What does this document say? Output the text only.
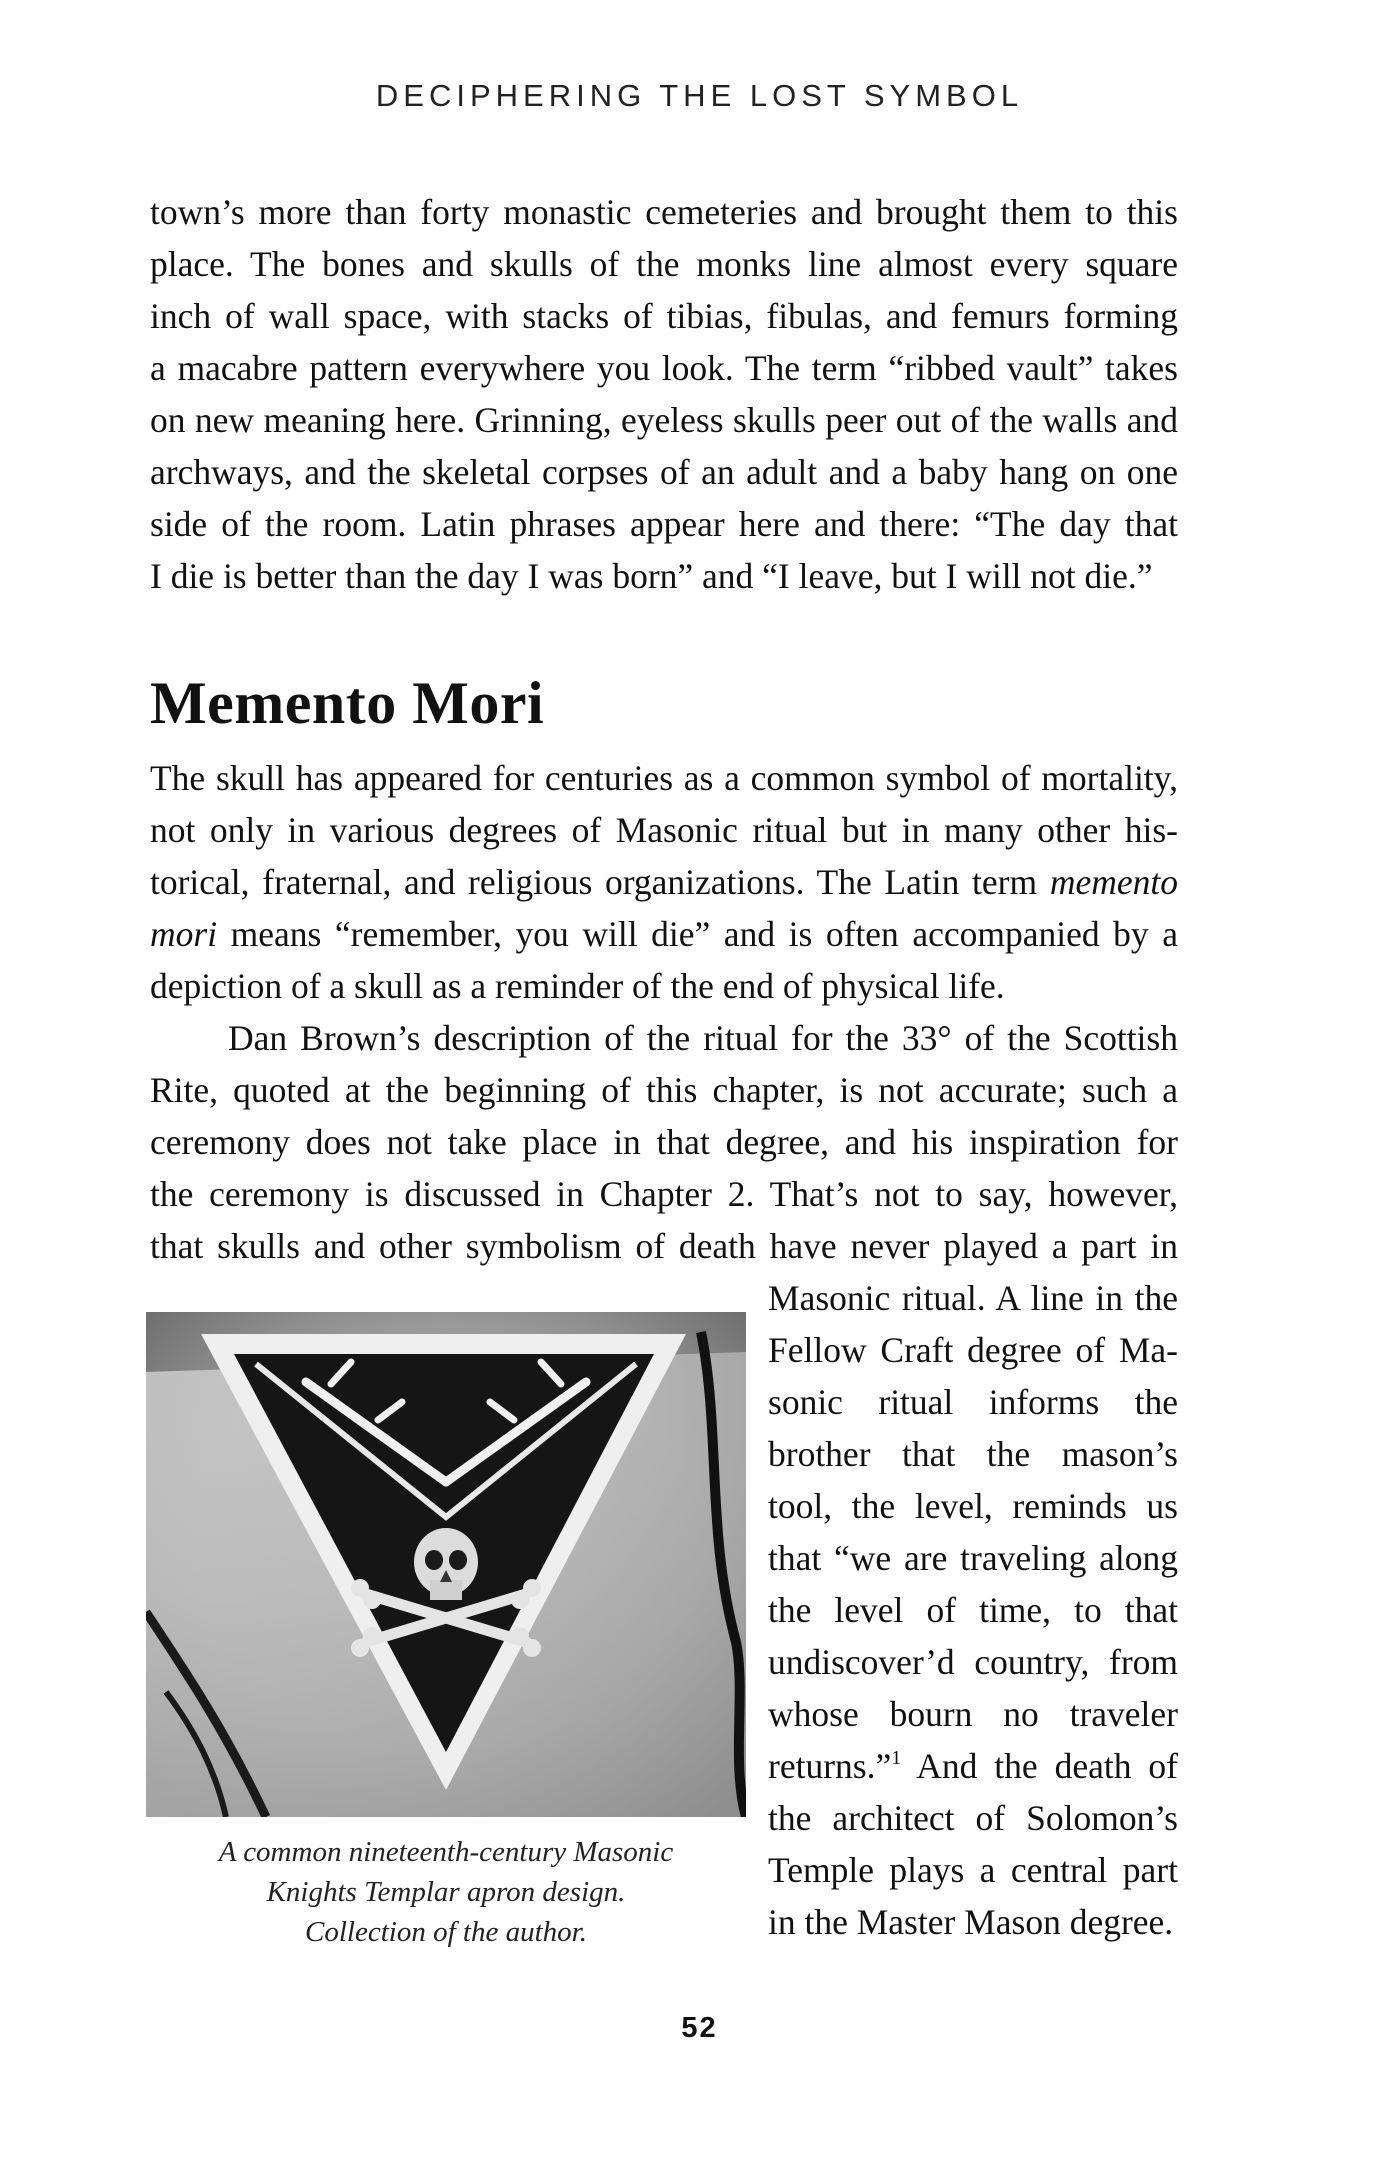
DECIPHERING THE LOST SYMBOL
town’s more than forty monastic cemeteries and brought them to this
place. The bones and skulls of the monks line almost every square
inch of wall space, with stacks of tibias, fibulas, and femurs forming
a macabre pattern everywhere you look. The term “ribbed vault” takes
on new meaning here. Grinning, eyeless skulls peer out of the walls and
archways, and the skeletal corpses of an adult and a baby hang on one
side of the room. Latin phrases appear here and there: “The day that
I die is better than the day I was born” and “I leave, but I will not die.”
Memento Mori
The skull has appeared for centuries as a common symbol of mortality,
not only in various degrees of Masonic ritual but in many other his-
torical, fraternal, and religious organizations. The Latin term memento
mori means “remember, you will die” and is often accompanied by a
depiction of a skull as a reminder of the end of physical life.
Dan Brown’s description of the ritual for the 33° of the Scottish
Rite, quoted at the beginning of this chapter, is not accurate; such a
ceremony does not take place in that degree, and his inspiration for
the ceremony is discussed in Chapter 2. That’s not to say, however,
that skulls and other symbolism of death have never played a part in
Masonic ritual. A line in the
Fellow Craft degree of Ma-
sonic ritual informs the
brother that the mason’s
tool, the level, reminds us
that “we are traveling along
the level of time, to that
undiscover’d country, from
whose bourn no traveler
returns.”$^1$ And the death of
the architect of Solomon’s
Temple plays a central part
in the Master Mason degree.
A common nineteenth-century Masonic
Knights Templar apron design.
Collection of the author.
52
